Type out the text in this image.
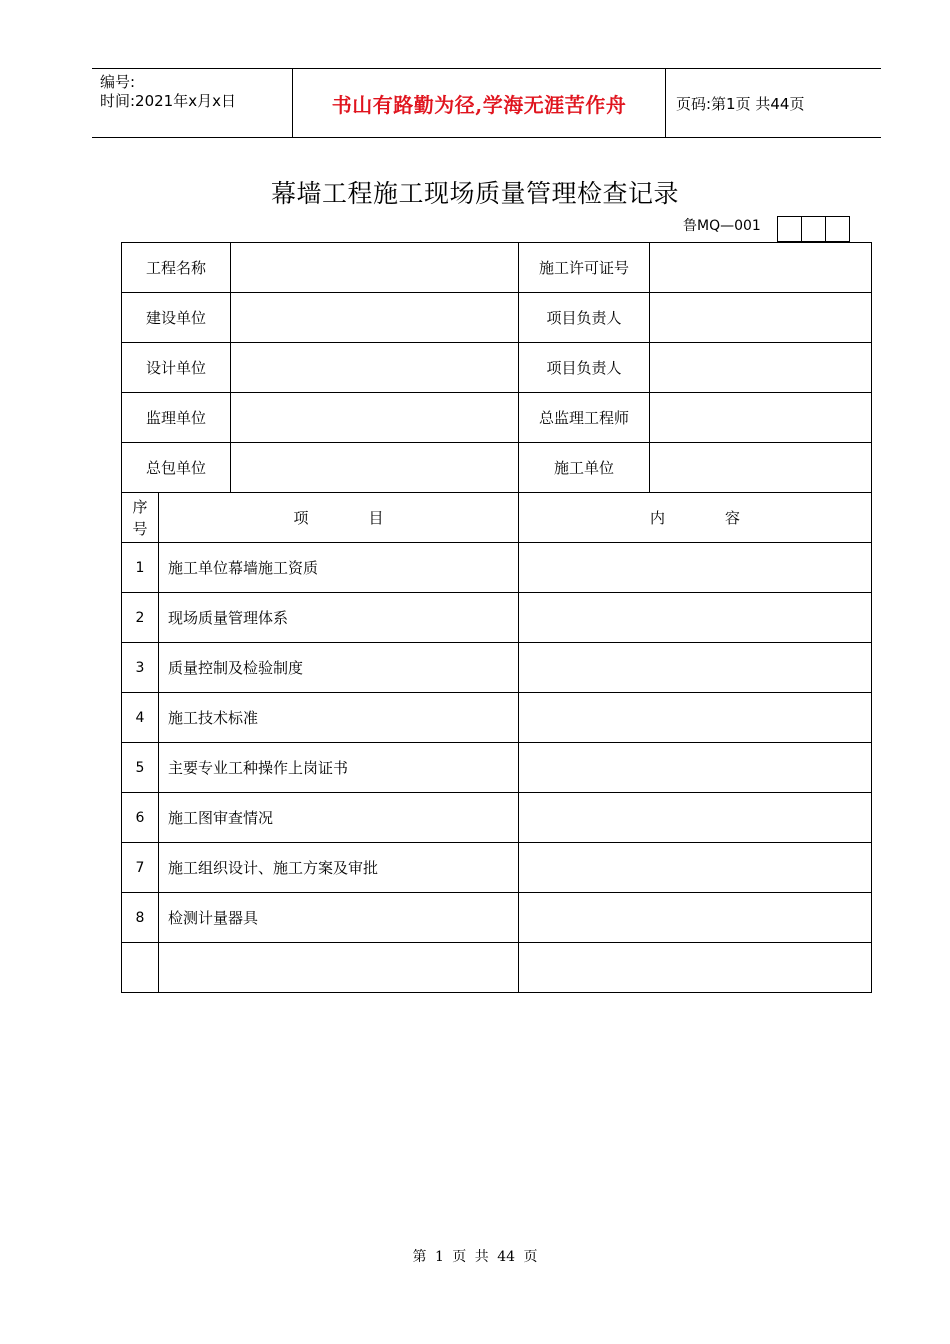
编号:
时间:2021年x月x日	书山有路勤为径,学海无涯苦作舟	页码:第1页 共44页
幕墙工程施工现场质量管理检查记录
鲁MQ—001
工程名称			施工许可证号	
建设单位			项目负责人	
设计单位			项目负责人	
监理单位			总监理工程师	
总包单位			施工单位	

序
号	项　　　　目		内　　　　容	
1	施工单位幕墙施工资质			
2	现场质量管理体系			
3	质量控制及检验制度			
4	施工技术标准			
5	主要专业工种操作上岗证书			
6	施工图审查情况			
7	施工组织设计、施工方案及审批			
8	检测计量器具			

第 1 页 共 44 页
